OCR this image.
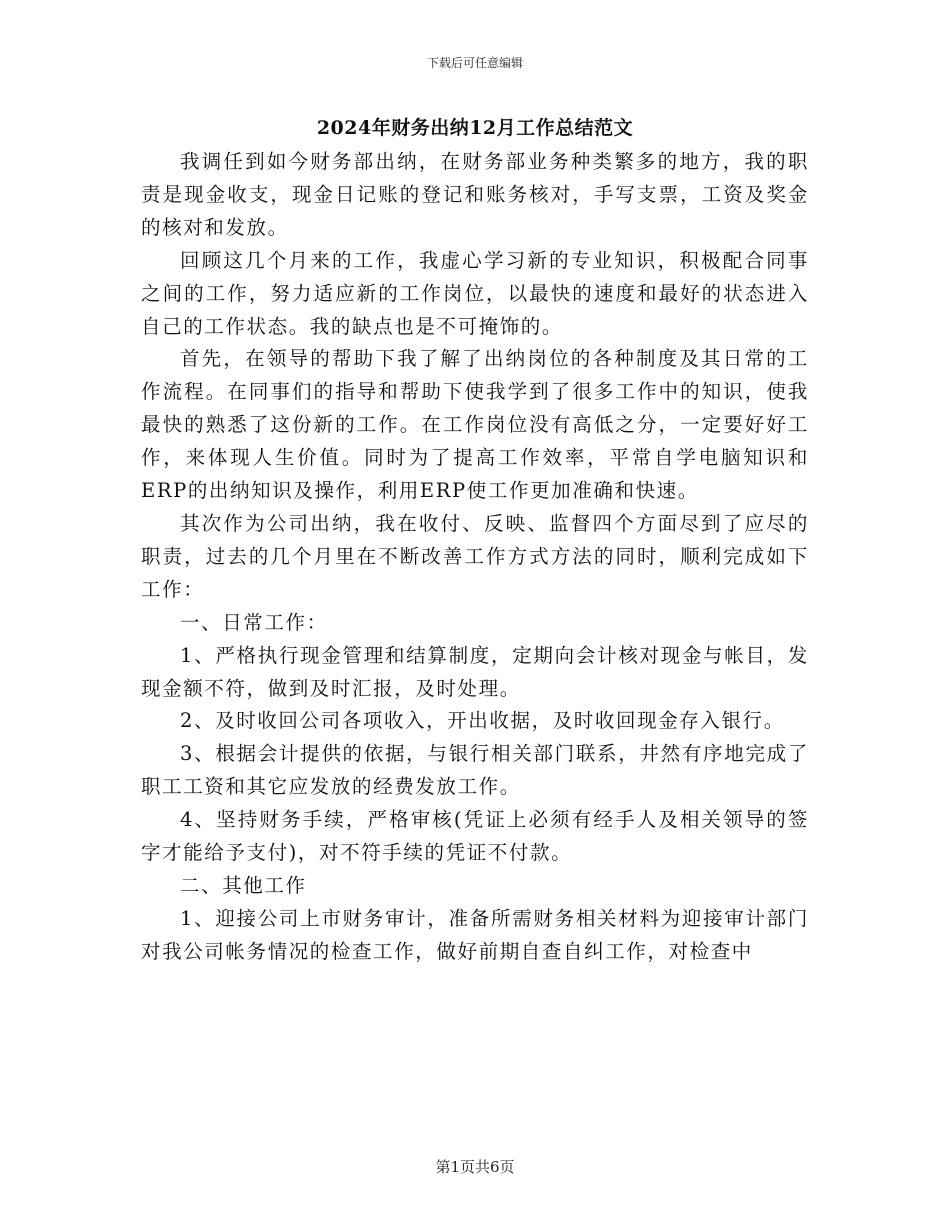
下载后可任意编辑
2024年财务出纳12月工作总结范文

我调任到如今财务部出纳，在财务部业务种类繁多的地方，我的职责是现金收支，现金日记账的登记和账务核对，手写支票，工资及奖金的核对和发放。

回顾这几个月来的工作，我虚心学习新的专业知识，积极配合同事之间的工作，努力适应新的工作岗位，以最快的速度和最好的状态进入自己的工作状态。我的缺点也是不可掩饰的。

首先，在领导的帮助下我了解了出纳岗位的各种制度及其日常的工作流程。在同事们的指导和帮助下使我学到了很多工作中的知识，使我最快的熟悉了这份新的工作。在工作岗位没有高低之分，一定要好好工作，来体现人生价值。同时为了提高工作效率，平常自学电脑知识和ERP的出纳知识及操作，利用ERP使工作更加准确和快速。

其次作为公司出纳，我在收付、反映、监督四个方面尽到了应尽的职责，过去的几个月里在不断改善工作方式方法的同时，顺利完成如下工作：

一、日常工作：

1、严格执行现金管理和结算制度，定期向会计核对现金与帐目，发现金额不符，做到及时汇报，及时处理。

2、及时收回公司各项收入，开出收据，及时收回现金存入银行。

3、根据会计提供的依据，与银行相关部门联系，井然有序地完成了职工工资和其它应发放的经费发放工作。

4、坚持财务手续，严格审核(凭证上必须有经手人及相关领导的签字才能给予支付)，对不符手续的凭证不付款。

二、其他工作

1、迎接公司上市财务审计，准备所需财务相关材料为迎接审计部门对我公司帐务情况的检查工作，做好前期自查自纠工作，对检查中

第1页共6页
